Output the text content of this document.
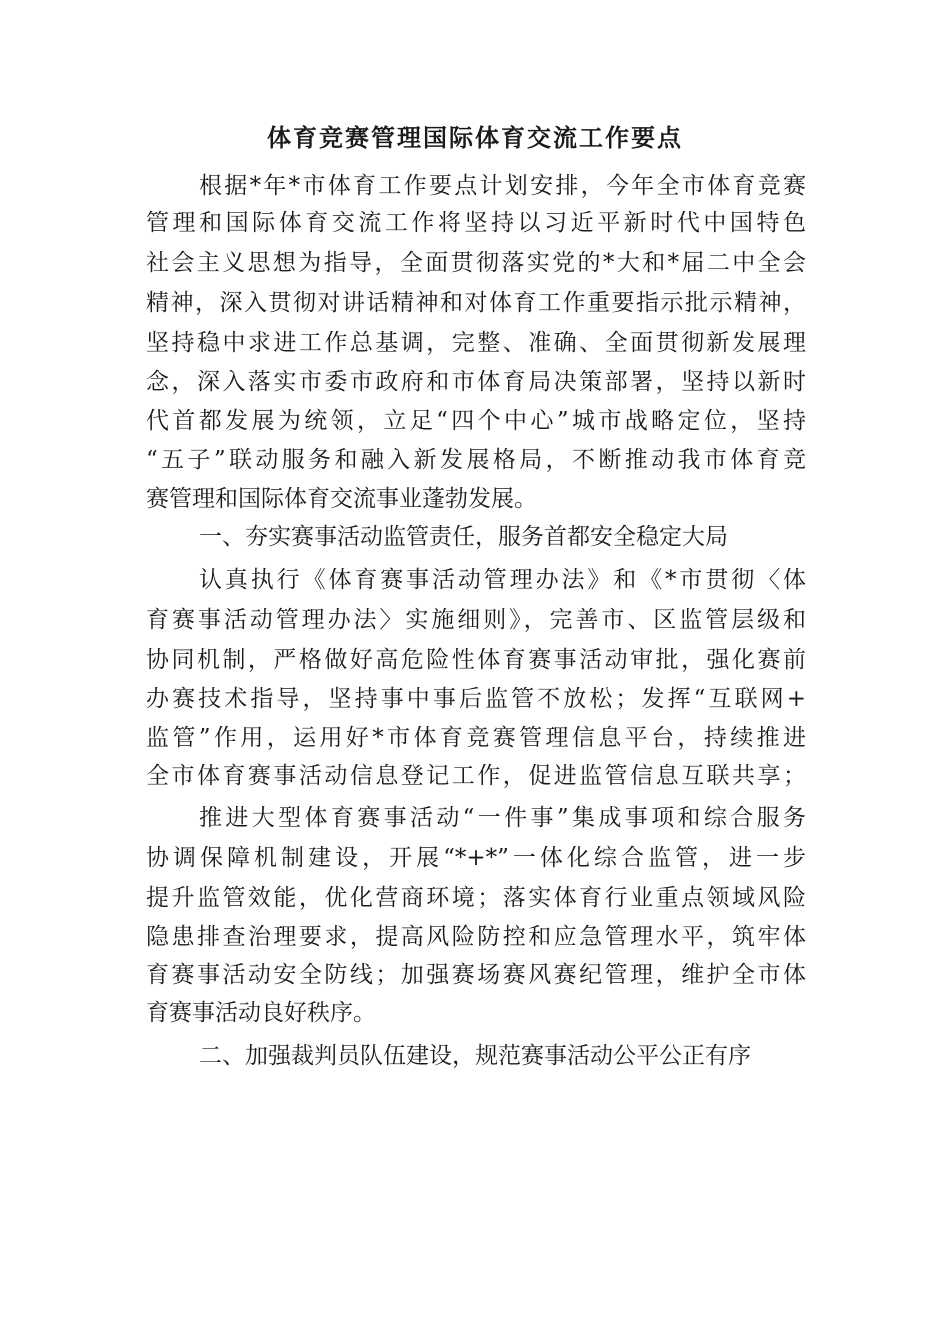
体育竞赛管理国际体育交流工作要点

根据*年*市体育工作要点计划安排，今年全市体育竞赛

管理和国际体育交流工作将坚持以习近平新时代中国特色

社会主义思想为指导，全面贯彻落实党的*大和*届二中全会

精神，深入贯彻对讲话精神和对体育工作重要指示批示精神，

坚持稳中求进工作总基调，完整、准确、全面贯彻新发展理

念，深入落实市委市政府和市体育局决策部署，坚持以新时

代首都发展为统领，立足“四个中心”城市战略定位，坚持

“五子”联动服务和融入新发展格局，不断推动我市体育竞

赛管理和国际体育交流事业蓬勃发展。

一、夯实赛事活动监管责任，服务首都安全稳定大局

认真执行《体育赛事活动管理办法》和《*市贯彻〈体

育赛事活动管理办法〉实施细则》，完善市、区监管层级和

协同机制，严格做好高危险性体育赛事活动审批，强化赛前

办赛技术指导，坚持事中事后监管不放松；发挥“互联网+

监管”作用，运用好*市体育竞赛管理信息平台，持续推进

全市体育赛事活动信息登记工作，促进监管信息互联共享；

推进大型体育赛事活动“一件事”集成事项和综合服务

协调保障机制建设，开展“*+*”一体化综合监管，进一步

提升监管效能，优化营商环境；落实体育行业重点领域风险

隐患排查治理要求，提高风险防控和应急管理水平，筑牢体

育赛事活动安全防线；加强赛场赛风赛纪管理，维护全市体

育赛事活动良好秩序。

二、加强裁判员队伍建设，规范赛事活动公平公正有序
